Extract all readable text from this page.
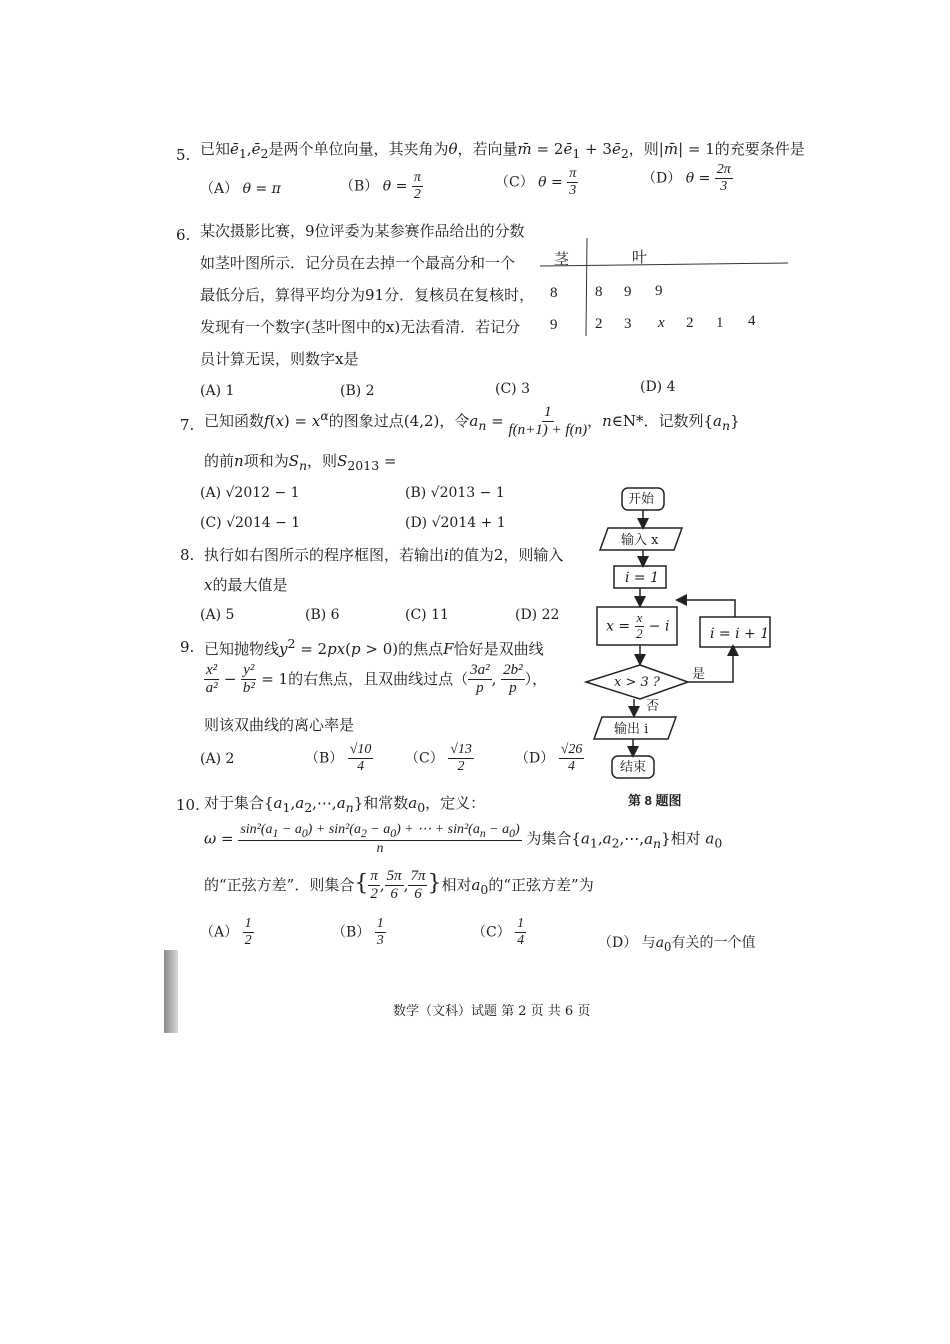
5. 已知$ē_1,ē_2$是两个单位向量，其夹角为θ，若向量m̄ = $2ē_1$ + $3ē_2$，则|m̄| = 1的充要条件是
（A） θ = π	（B） $\theta = \frac{\pi}{2}$	（C） $\theta = \frac{\pi}{3}$	（D） $\theta = \frac{2\pi}{3}$
6. 某次摄影比赛，9位评委为某参赛作品给出的分数
如茎叶图所示．记分员在去掉一个最高分和一个
最低分后，算得平均分为91分．复核员在复核时，
发现有一个数字(茎叶图中的x)无法看清．若记分
员计算无误，则数字x是
(A) 1	(B) 2	(C) 3	(D) 4
茎	叶
8	8 9 9
9	2 3 x 2 1 4
7. 已知函数$f(x) = x^\alpha$的图象过点(4,2)，令$a_n = \frac{1}{f(n+1) + f(n)}$ ，n∈N*．记数列$\{a_n\}$
的前n项和为$S_n$，则$S_{2013}$ =
(A) √2012 − 1	(B) √2013 − 1
(C) √2014 − 1	(D) √2014 + 1
8. 执行如右图所示的程序框图，若输出i的值为2，则输入
x的最大值是
(A) 5	(B) 6	(C) 11	(D) 22
开始
输入 x
i = 1
$x = \frac{x}{2} - i$	i = i + 1
x > 3 ?
是
否
输出 i
结束
第 8 题图
9. 已知抛物线$y^2 = 2px(p > 0)$的焦点F恰好是双曲线
$\frac{\text{x²}}{\text{a²}} - \frac{\text{y²}}{\text{b²}} = 1$的右焦点，且双曲线过点（ $\frac{\text{3a²}}{p}$ , $\frac{\text{2b²}}{p}$ ），
则该双曲线的离心率是
(A) 2	$(B) \frac{√10}{4} (C) \frac{√13}{2}$	$(D) \frac{√26}{4}$
10. 对于集合$\{a_1,a_2,\cdots,a_n\}$和常数$a_0$，定义：
$\omega = \frac{\sin^2(a_1 - a_0) + \sin^2(a_2 - a_0) + \cdots + \sin^2(a_n - a_0)}{n}$ 为集合$\{a_1,a_2,\cdots,a_n\}$相对 $a_0$
的“正弦方差”．则集合{ $\frac{\pi}{2}$ , $\frac{5\pi}{6}$ , $\frac{7\pi}{6}$ }相对$a_0$的“正弦方差”为
$(A) \frac{1}{2}$	$(B) \frac{1}{3}$	$(C) \frac{1}{4}$	（D） 与$a_0$有关的一个值
数学（文科）试题 第 2 页 共 6 页
